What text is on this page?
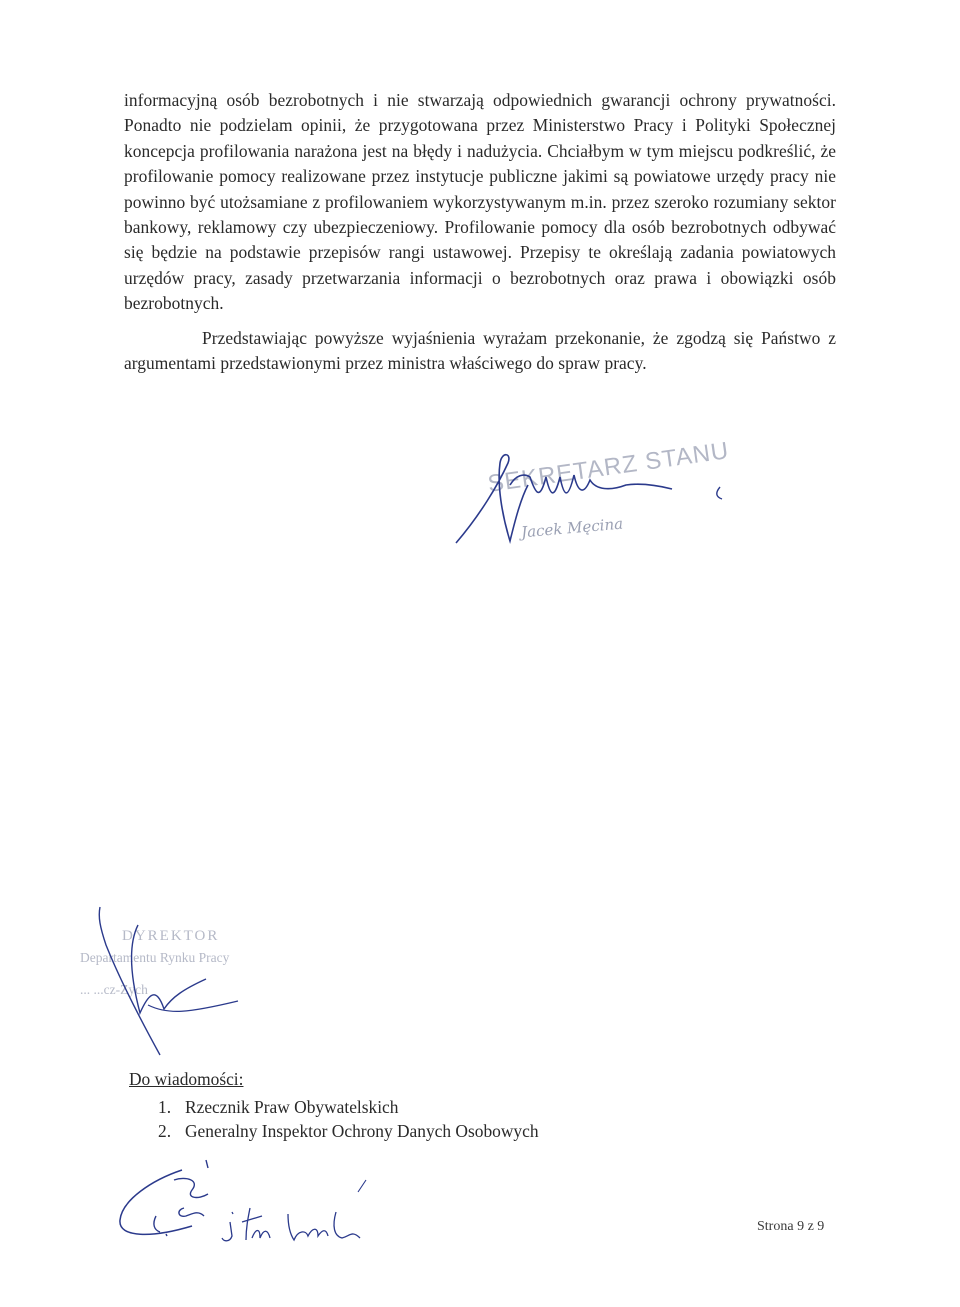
informacyjną osób bezrobotnych i nie stwarzają odpowiednich gwarancji ochrony prywatności. Ponadto nie podzielam opinii, że przygotowana przez Ministerstwo Pracy i Polityki Społecznej koncepcja profilowania narażona jest na błędy i nadużycia. Chciałbym w tym miejscu podkreślić, że profilowanie pomocy realizowane przez instytucje publiczne jakimi są powiatowe urzędy pracy nie powinno być utożsamiane z profilowaniem wykorzystywanym m.in. przez szeroko rozumiany sektor bankowy, reklamowy czy ubezpieczeniowy. Profilowanie pomocy dla osób bezrobotnych odbywać się będzie na podstawie przepisów rangi ustawowej. Przepisy te określają zadania powiatowych urzędów pracy, zasady przetwarzania informacji o bezrobotnych oraz prawa i obowiązki osób bezrobotnych.

Przedstawiając powyższe wyjaśnienia wyrażam przekonanie, że zgodzą się Państwo z argumentami przedstawionymi przez ministra właściwego do spraw pracy.

SEKRETARZ STANU
Jacek Męcina
DYREKTOR
Departamentu Rynku Pracy
... ...cz-Zych
Do wiadomości:
1. Rzecznik Praw Obywatelskich
2. Generalny Inspektor Ochrony Danych Osobowych
Strona 9 z 9
